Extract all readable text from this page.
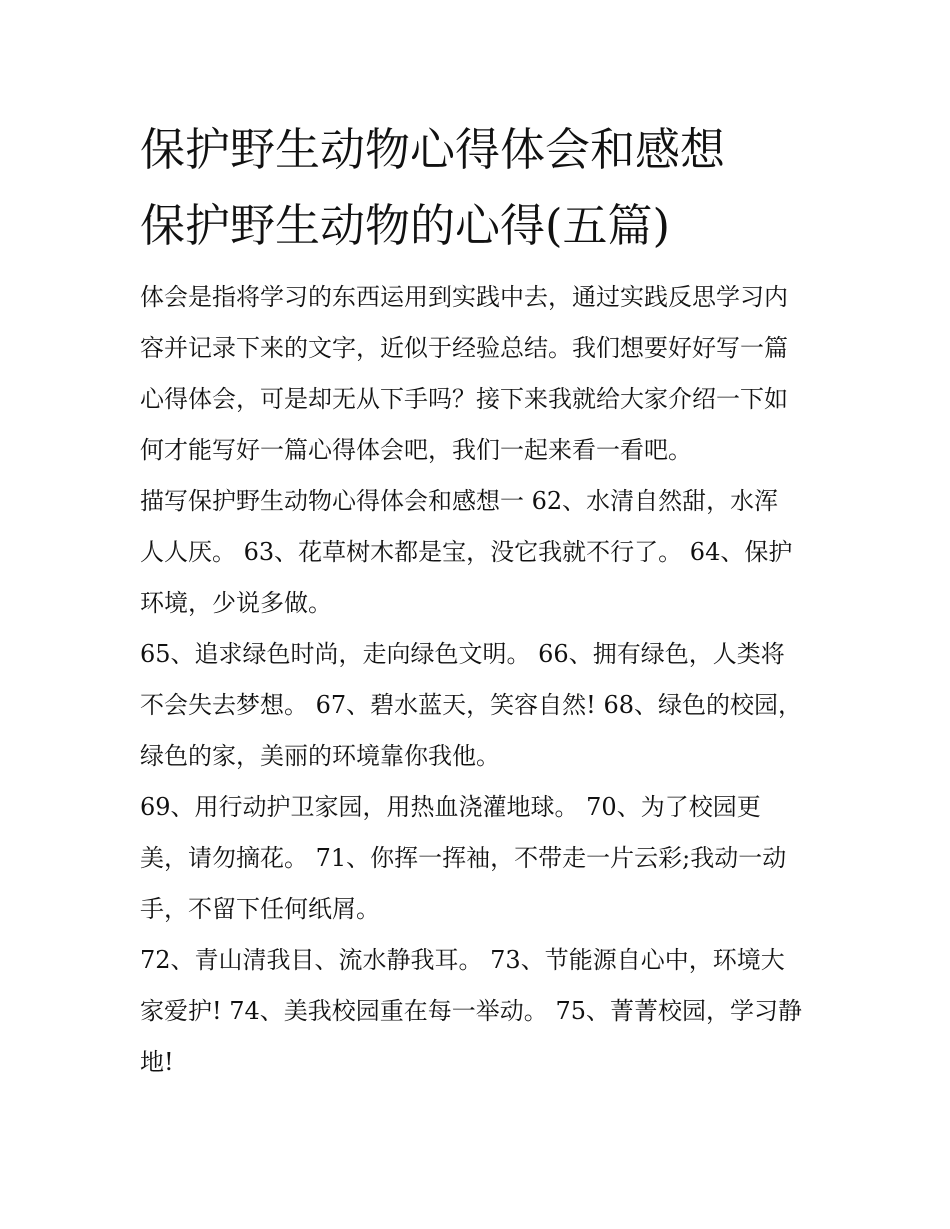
保护野生动物心得体会和感想
保护野生动物的心得(五篇)

体会是指将学习的东西运用到实践中去，通过实践反思学习内
容并记录下来的文字，近似于经验总结。我们想要好好写一篇
心得体会，可是却无从下手吗？接下来我就给大家介绍一下如
何才能写好一篇心得体会吧，我们一起来看一看吧。

描写保护野生动物心得体会和感想一 62、水清自然甜，水浑
人人厌。 63、花草树木都是宝，没它我就不行了。 64、保护
环境，少说多做。

65、追求绿色时尚，走向绿色文明。 66、拥有绿色，人类将
不会失去梦想。 67、碧水蓝天，笑容自然! 68、绿色的校园，
绿色的家，美丽的环境靠你我他。

69、用行动护卫家园，用热血浇灌地球。 70、为了校园更
美，请勿摘花。 71、你挥一挥袖，不带走一片云彩;我动一动
手，不留下任何纸屑。

72、青山清我目、流水静我耳。 73、节能源自心中，环境大
家爱护! 74、美我校园重在每一举动。 75、菁菁校园，学习静
地!
